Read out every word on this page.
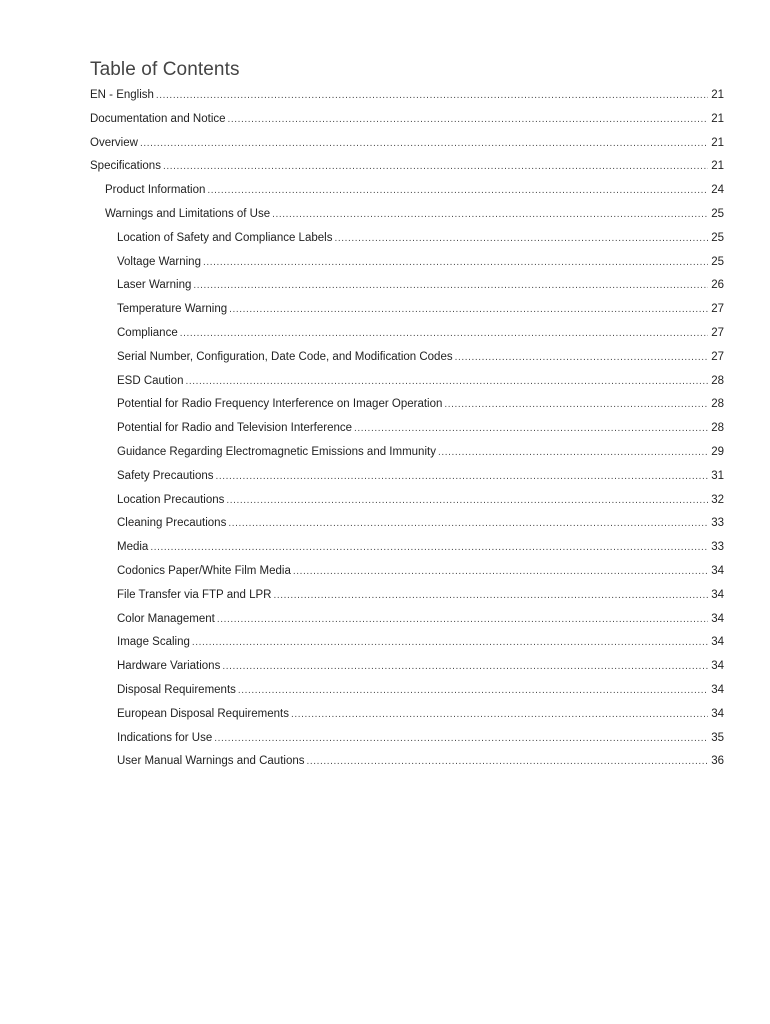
Table of Contents
EN - English .....	21
Documentation and Notice .....	21
Overview .....	21
Specifications .....	21
Product Information .....	24
Warnings and Limitations of Use .....	25
Location of Safety and Compliance Labels .....	25
Voltage Warning .....	25
Laser Warning .....	26
Temperature Warning .....	27
Compliance .....	27
Serial Number, Configuration, Date Code, and Modification Codes .....	27
ESD Caution .....	28
Potential for Radio Frequency Interference on Imager Operation .....	28
Potential for Radio and Television Interference .....	28
Guidance Regarding Electromagnetic Emissions and Immunity .....	29
Safety Precautions .....	31
Location Precautions .....	32
Cleaning Precautions .....	33
Media .....	33
Codonics Paper/White Film Media .....	34
File Transfer via FTP and LPR .....	34
Color Management .....	34
Image Scaling .....	34
Hardware Variations .....	34
Disposal Requirements .....	34
European Disposal Requirements .....	34
Indications for Use .....	35
User Manual Warnings and Cautions .....	36
